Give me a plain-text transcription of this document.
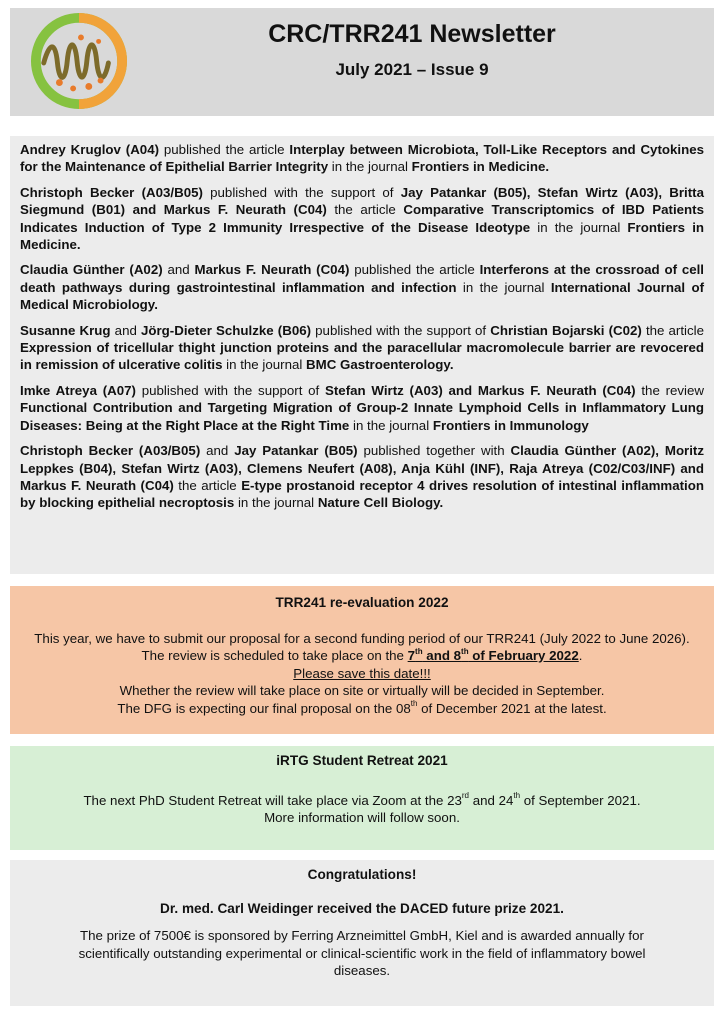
CRC/TRR241 Newsletter
July 2021 – Issue 9

Andrey Kruglov (A04) published the article Interplay between Microbiota, Toll-Like Receptors and Cytokines for the Maintenance of Epithelial Barrier Integrity in the journal Frontiers in Medicine.

Christoph Becker (A03/B05) published with the support of Jay Patankar (B05), Stefan Wirtz (A03), Britta Siegmund (B01) and Markus F. Neurath (C04) the article Comparative Transcriptomics of IBD Patients Indicates Induction of Type 2 Immunity Irrespective of the Disease Ideotype in the journal Frontiers in Medicine.

Claudia Günther (A02) and Markus F. Neurath (C04) published the article Interferons at the crossroad of cell death pathways during gastrointestinal inflammation and infection in the journal International Journal of Medical Microbiology.

Susanne Krug and Jörg-Dieter Schulzke (B06) published with the support of Christian Bojarski (C02) the article Expression of tricellular thight junction proteins and the paracellular macromolecule barrier are revocered in remission of ulcerative colitis in the journal BMC Gastroenterology.

Imke Atreya (A07) published with the support of Stefan Wirtz (A03) and Markus F. Neurath (C04) the review Functional Contribution and Targeting Migration of Group-2 Innate Lymphoid Cells in Inflammatory Lung Diseases: Being at the Right Place at the Right Time in the journal Frontiers in Immunology

Christoph Becker (A03/B05) and Jay Patankar (B05) published together with Claudia Günther (A02), Moritz Leppkes (B04), Stefan Wirtz (A03), Clemens Neufert (A08), Anja Kühl (INF), Raja Atreya (C02/C03/INF) and Markus F. Neurath (C04) the article E-type prostanoid receptor 4 drives resolution of intestinal inflammation by blocking epithelial necroptosis in the journal Nature Cell Biology.

TRR241 re-evaluation 2022
This year, we have to submit our proposal for a second funding period of our TRR241 (July 2022 to June 2026). The review is scheduled to take place on the 7th and 8th of February 2022.
Please save this date!!!
Whether the review will take place on site or virtually will be decided in September.
The DFG is expecting our final proposal on the 08th of December 2021 at the latest.
iRTG Student Retreat 2021
The next PhD Student Retreat will take place via Zoom at the 23rd and 24th of September 2021.
More information will follow soon.
Congratulations!
Dr. med. Carl Weidinger received the DACED future prize 2021.
The prize of 7500€ is sponsored by Ferring Arzneimittel GmbH, Kiel and is awarded annually for scientifically outstanding experimental or clinical-scientific work in the field of inflammatory bowel diseases.
